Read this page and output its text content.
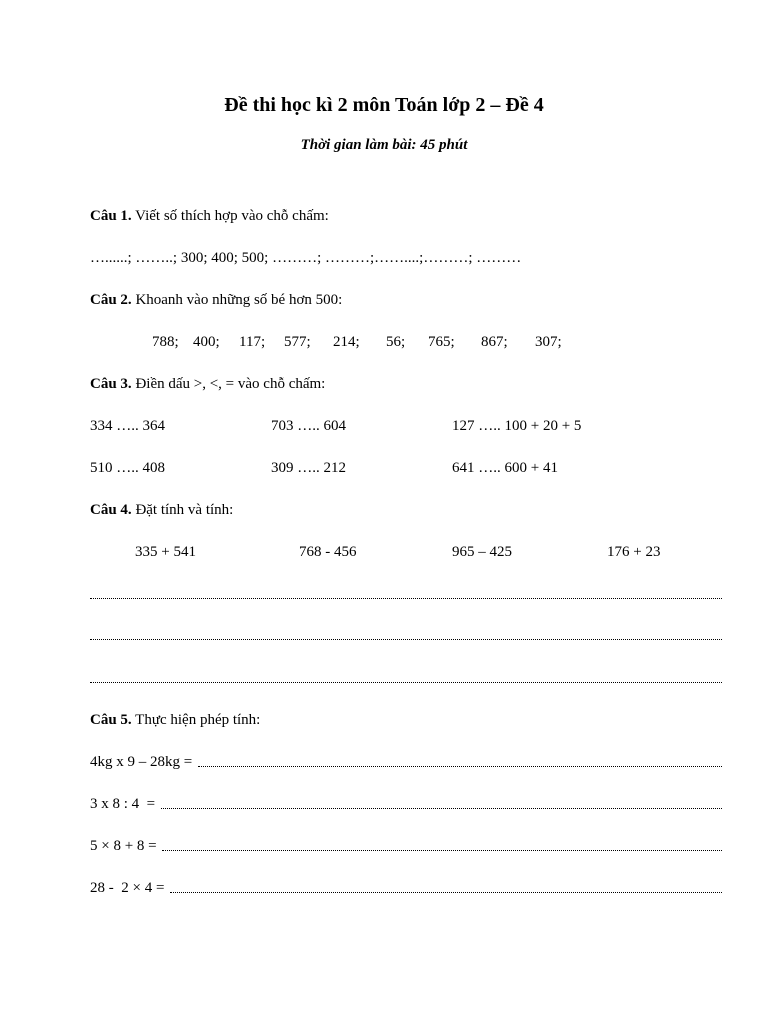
Đề thi học kì 2 môn Toán lớp 2 – Đề 4
Thời gian làm bài: 45 phút
Câu 1. Viết số thích hợp vào chỗ chấm:
…......; ……..; 300; 400; 500; ………; ………;……....;………; ………
Câu 2. Khoanh vào những số bé hơn 500:
788; 400; 117; 577; 214; 56; 765; 867; 307;
Câu 3. Điền dấu >, <, = vào chỗ chấm:
334 ….. 364	703 ….. 604	127 ….. 100 + 20 + 5
510 ….. 408	309 ….. 212	641 ….. 600 + 41
Câu 4. Đặt tính và tính:
335 + 541	768 - 456	965 – 425	176 + 23
Câu 5. Thực hiện phép tính:
4kg x 9 – 28kg =
3 x 8 : 4  =
5 × 8 + 8 =
28 -  2 × 4 =
